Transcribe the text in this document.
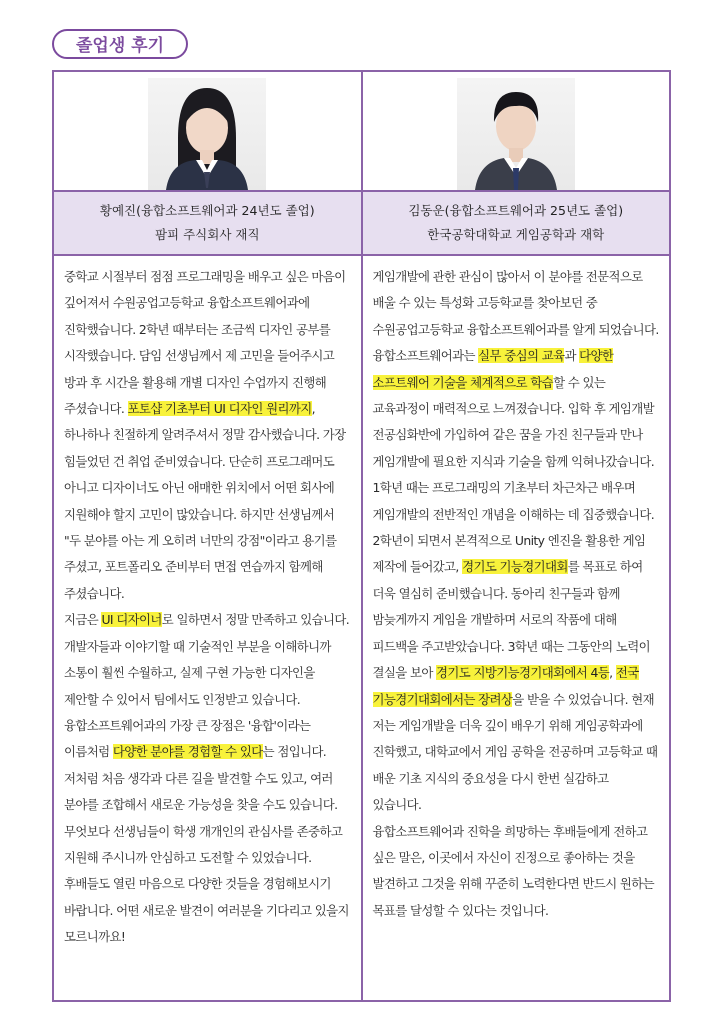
졸업생 후기
황예진(융합소프트웨어과 24년도 졸업)
팜피 주식회사 재직

중학교 시절부터 점점 프로그래밍을 배우고 싶은 마음이 깊어져서 수원공업고등학교 융합소프트웨어과에 진학했습니다. 2학년 때부터는 조금씩 디자인 공부를 시작했습니다. 담임 선생님께서 제 고민을 들어주시고 방과 후 시간을 활용해 개별 디자인 수업까지 진행해 주셨습니다. 포토샵 기초부터 UI 디자인 원리까지, 하나하나 친절하게 알려주셔서 정말 감사했습니다. 가장 힘들었던 건 취업 준비였습니다. 단순히 프로그래머도 아니고 디자이너도 아닌 애매한 위치에서 어떤 회사에 지원해야 할지 고민이 많았습니다. 하지만 선생님께서 "두 분야를 아는 게 오히려 너만의 강점"이라고 용기를 주셨고, 포트폴리오 준비부터 면접 연습까지 함께해 주셨습니다.

지금은 UI 디자이너로 일하면서 정말 만족하고 있습니다. 개발자들과 이야기할 때 기술적인 부분을 이해하니까 소통이 훨씬 수월하고, 실제 구현 가능한 디자인을 제안할 수 있어서 팀에서도 인정받고 있습니다.

융합소프트웨어과의 가장 큰 장점은 '융합'이라는 이름처럼 다양한 분야를 경험할 수 있다는 점입니다. 저처럼 처음 생각과 다른 길을 발견할 수도 있고, 여러 분야를 조합해서 새로운 가능성을 찾을 수도 있습니다. 무엇보다 선생님들이 학생 개개인의 관심사를 존중하고 지원해 주시니까 안심하고 도전할 수 있었습니다. 후배들도 열린 마음으로 다양한 것들을 경험해보시기 바랍니다. 어떤 새로운 발견이 여러분을 기다리고 있을지 모르니까요!

김동운(융합소프트웨어과 25년도 졸업)
한국공학대학교 게임공학과 재학

게임개발에 관한 관심이 많아서 이 분야를 전문적으로 배울 수 있는 특성화 고등학교를 찾아보던 중 수원공업고등학교 융합소프트웨어과를 알게 되었습니다. 융합소프트웨어과는 실무 중심의 교육과 다양한 소프트웨어 기술을 체계적으로 학습할 수 있는 교육과정이 매력적으로 느껴졌습니다. 입학 후 게임개발 전공심화반에 가입하여 같은 꿈을 가진 친구들과 만나 게임개발에 필요한 지식과 기술을 함께 익혀나갔습니다.

1학년 때는 프로그래밍의 기초부터 차근차근 배우며 게임개발의 전반적인 개념을 이해하는 데 집중했습니다. 2학년이 되면서 본격적으로 Unity 엔진을 활용한 게임 제작에 들어갔고, 경기도 기능경기대회를 목표로 하여 더욱 열심히 준비했습니다. 동아리 친구들과 함께 밤늦게까지 게임을 개발하며 서로의 작품에 대해 피드백을 주고받았습니다. 3학년 때는 그동안의 노력이 결실을 보아 경기도 지방기능경기대회에서 4등, 전국 기능경기대회에서는 장려상을 받을 수 있었습니다. 현재 저는 게임개발을 더욱 깊이 배우기 위해 게임공학과에 진학했고, 대학교에서 게임 공학을 전공하며 고등학교 때 배운 기초 지식의 중요성을 다시 한번 실감하고 있습니다.

융합소프트웨어과 진학을 희망하는 후배들에게 전하고 싶은 말은, 이곳에서 자신이 진정으로 좋아하는 것을 발견하고 그것을 위해 꾸준히 노력한다면 반드시 원하는 목표를 달성할 수 있다는 것입니다.
